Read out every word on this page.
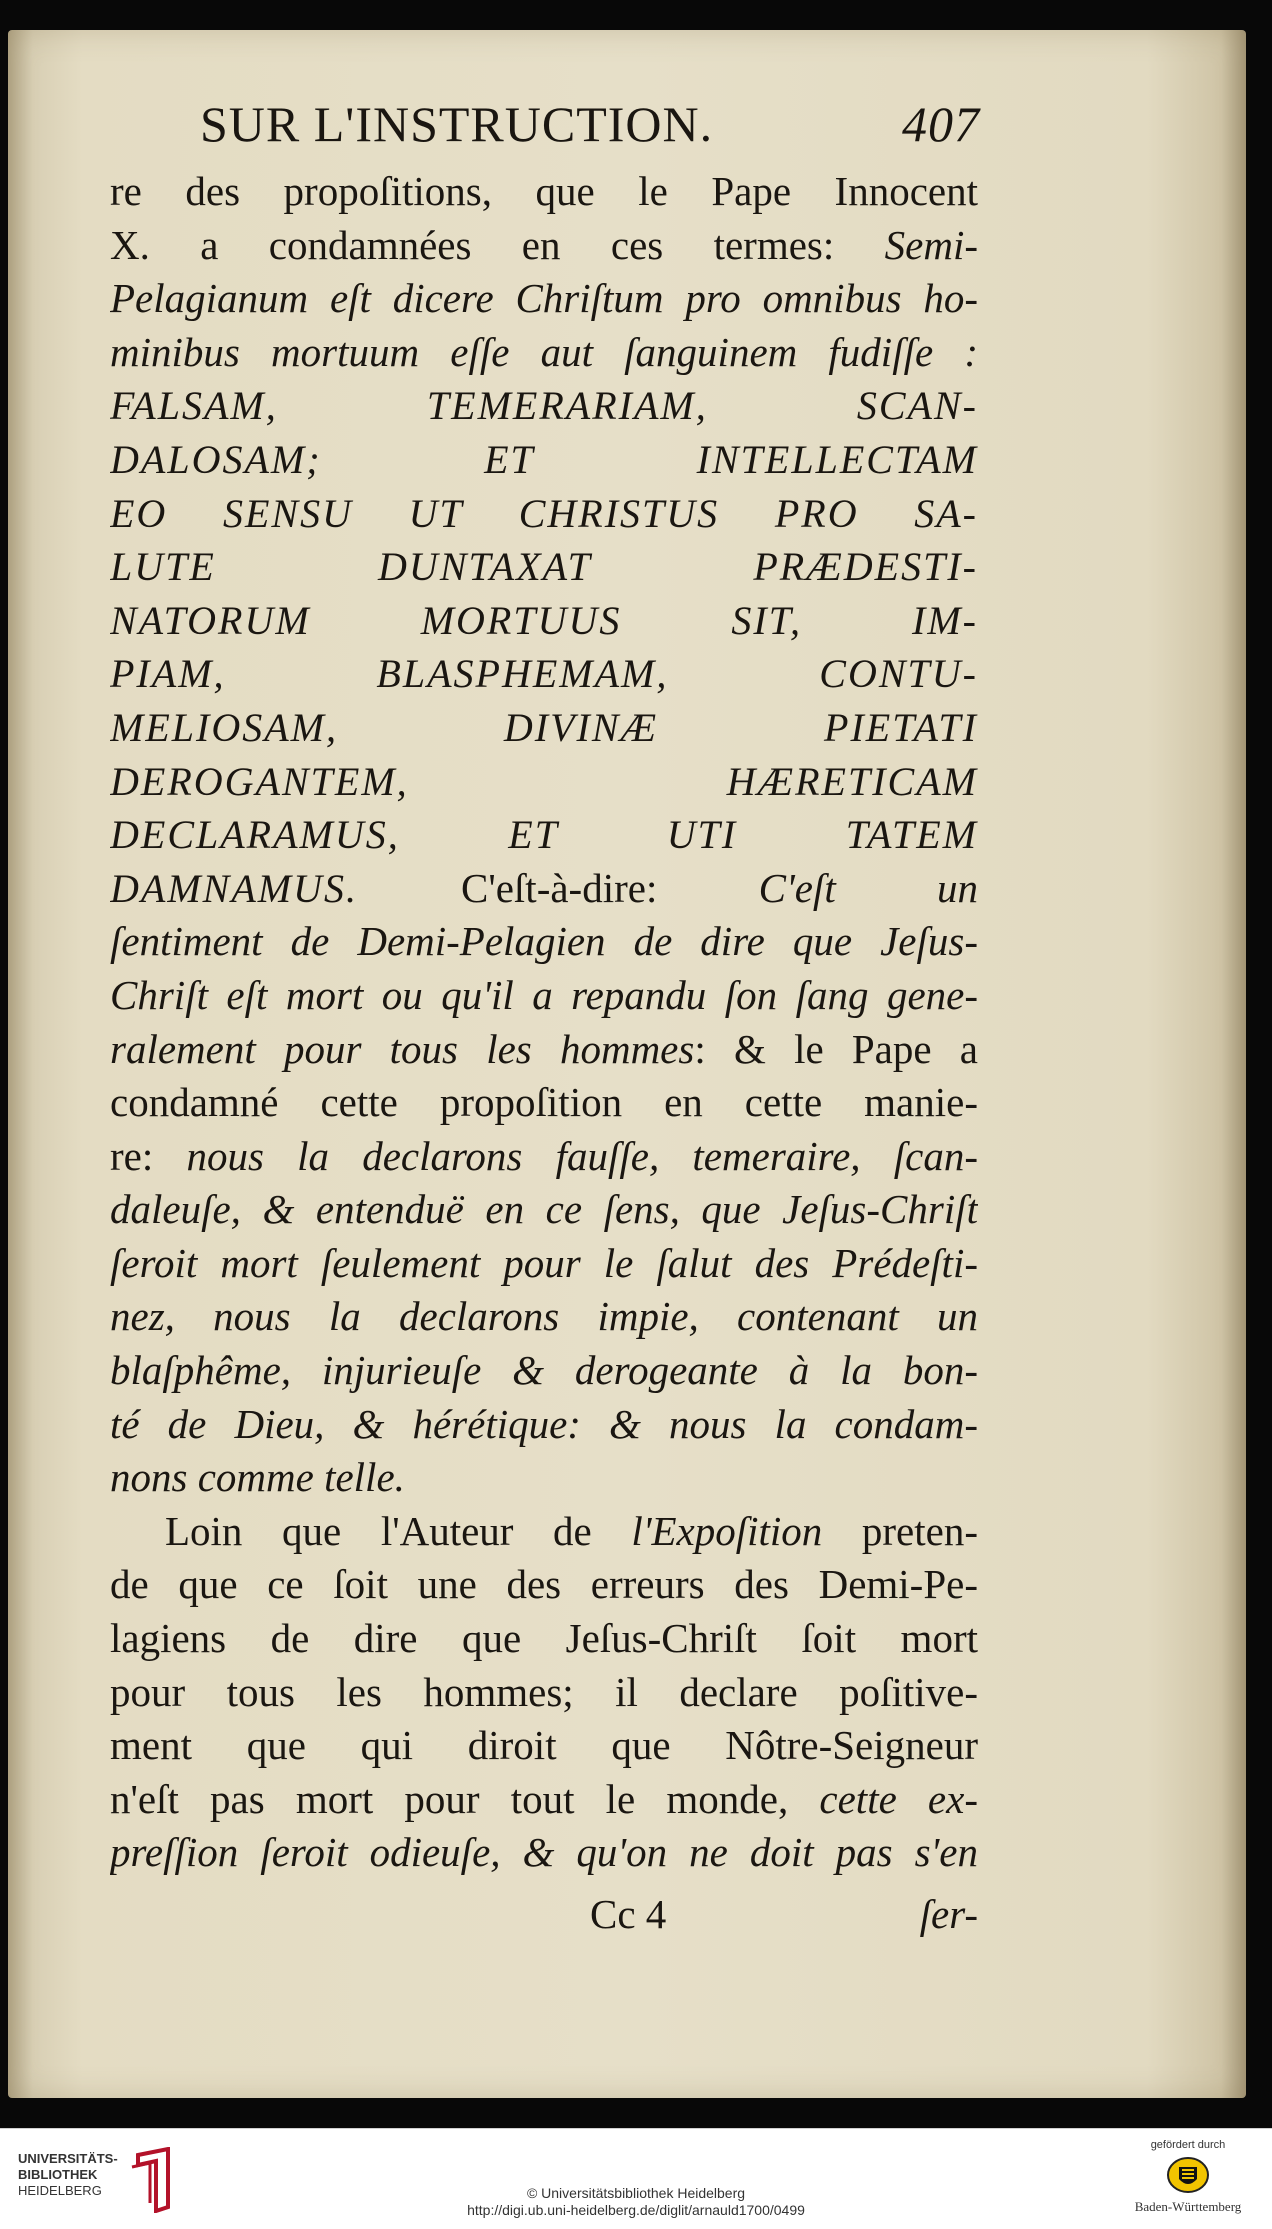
SUR L'INSTRUCTION.	407
re des propoſitions, que le Pape Innocent
X. a condamnées en ces termes: Semi-
Pelagianum eſt dicere Chriſtum pro omnibus ho-
minibus mortuum eſſe aut ſanguinem fudiſſe :
FALSAM, TEMERARIAM, SCAN-
DALOSAM; ET INTELLECTAM
EO SENSU UT CHRISTUS PRO SA-
LUTE DUNTAXAT PRÆDESTI-
NATORUM MORTUUS SIT, IM-
PIAM, BLASPHEMAM, CONTU-
MELIOSAM, DIVINÆ PIETATI
DEROGANTEM, HÆRETICAM
DECLARAMUS, ET UTI TATEM
DAMNAMUS. C'eſt-à-dire: C'eſt un
ſentiment de Demi-Pelagien de dire que Jeſus-
Chriſt eſt mort ou qu'il a repandu ſon ſang gene-
ralement pour tous les hommes: & le Pape a
condamné cette propoſition en cette manie-
re: nous la declarons fauſſe, temeraire, ſcan-
daleuſe, & entenduë en ce ſens, que Jeſus-Chriſt
ſeroit mort ſeulement pour le ſalut des Prédeſti-
nez, nous la declarons impie, contenant un
blaſphême, injurieuſe & derogeante à la bon-
té de Dieu, & hérétique: & nous la condam-
nons comme telle.
Loin que l'Auteur de l'Expoſition preten-
de que ce ſoit une des erreurs des Demi-Pe-
lagiens de dire que Jeſus-Chriſt ſoit mort
pour tous les hommes; il declare poſitive-
ment que qui diroit que Nôtre-Seigneur
n'eſt pas mort pour tout le monde, cette ex-
preſſion ſeroit odieuſe, & qu'on ne doit pas s'en
Cc 4	ſer-
UNIVERSITÄTS-
BIBLIOTHEK
HEIDELBERG	© Universitätsbibliothek Heidelberg
http://digi.ub.uni-heidelberg.de/diglit/arnauld1700/0499
gefördert durch
Baden-Württemberg
